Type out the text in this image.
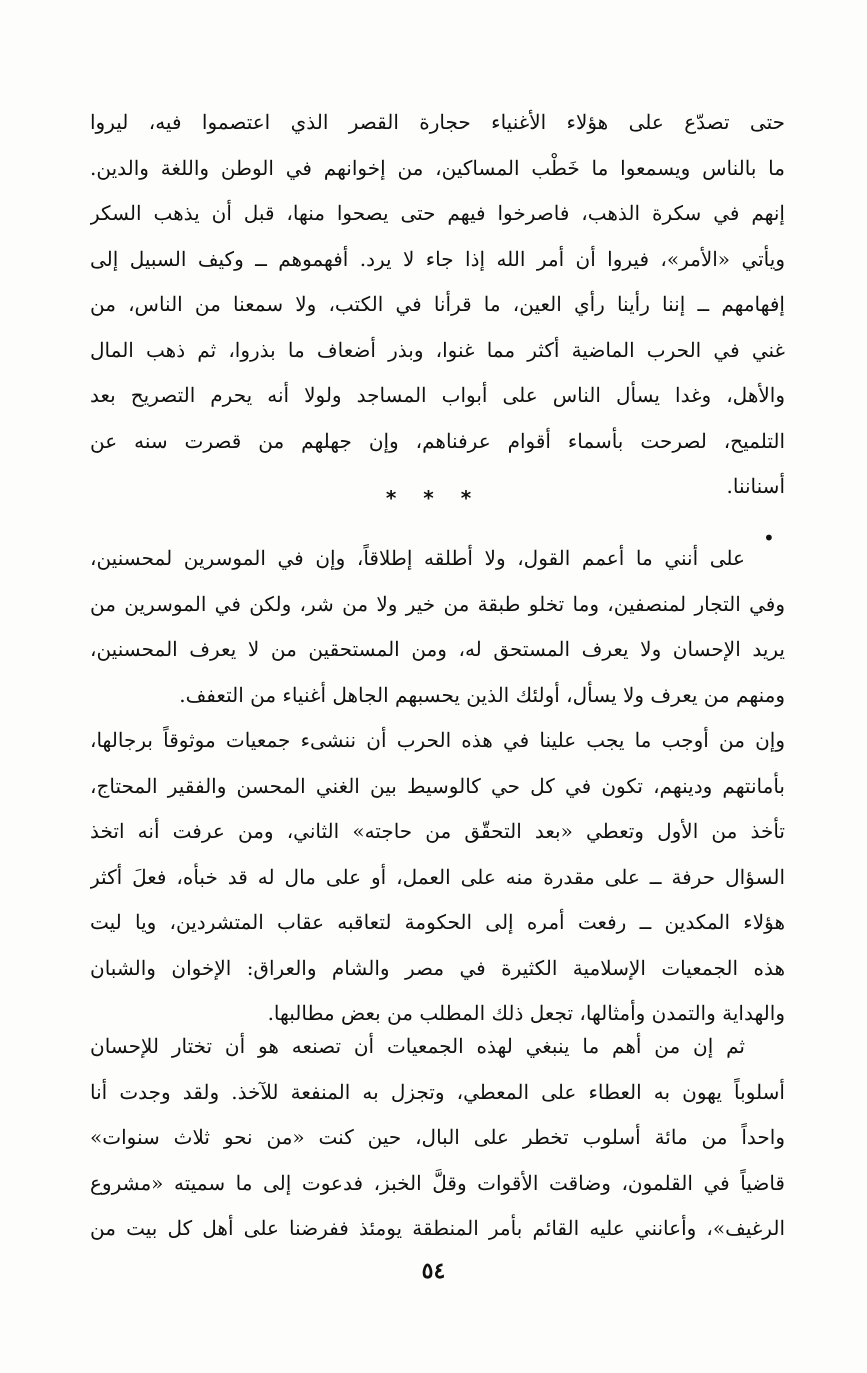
حتى تصدّع على هؤلاء الأغنياء حجارة القصر الذي اعتصموا فيه، ليروا
ما بالناس ويسمعوا ما خَطْب المساكين، من إخوانهم في الوطن واللغة والدين.
إنهم في سكرة الذهب، فاصرخوا فيهم حتى يصحوا منها، قبل أن يذهب السكر
ويأتي «الأمر»، فيروا أن أمر الله إذا جاء لا يرد. أفهموهم ــ وكيف السبيل إلى
إفهامهم ــ إننا رأينا رأي العين، ما قرأنا في الكتب، ولا سمعنا من الناس، من
غني في الحرب الماضية أكثر مما غنوا، وبذر أضعاف ما بذروا، ثم ذهب المال
والأهل، وغدا يسأل الناس على أبواب المساجد ولولا أنه يحرم التصريح بعد
التلميح، لصرحت بأسماء أقوام عرفناهم، وإن جهلهم من قصرت سنه عن
أسناننا.
* * *
•
على أنني ما أعمم القول، ولا أطلقه إطلاقاً، وإن في الموسرين لمحسنين،
وفي التجار لمنصفين، وما تخلو طبقة من خير ولا من شر، ولكن في الموسرين من
يريد الإحسان ولا يعرف المستحق له، ومن المستحقين من لا يعرف المحسنين،
ومنهم من يعرف ولا يسأل، أولئك الذين يحسبهم الجاهل أغنياء من التعفف.
وإن من أوجب ما يجب علينا في هذه الحرب أن ننشىء جمعيات موثوقاً برجالها،
بأمانتهم ودينهم، تكون في كل حي كالوسيط بين الغني المحسن والفقير المحتاج،
تأخذ من الأول وتعطي «بعد التحقّق من حاجته» الثاني، ومن عرفت أنه اتخذ
السؤال حرفة ــ على مقدرة منه على العمل، أو على مال له قد خبأه، فعلَ أكثر
هؤلاء المكدين ــ رفعت أمره إلى الحكومة لتعاقبه عقاب المتشردين، ويا ليت
هذه الجمعيات الإسلامية الكثيرة في مصر والشام والعراق: الإخوان والشبان
والهداية والتمدن وأمثالها، تجعل ذلك المطلب من بعض مطالبها.
ثم إن من أهم ما ينبغي لهذه الجمعيات أن تصنعه هو أن تختار للإحسان
أسلوباً يهون به العطاء على المعطي، وتجزل به المنفعة للآخذ. ولقد وجدت أنا
واحداً من مائة أسلوب تخطر على البال، حين كنت «من نحو ثلاث سنوات»
قاضياً في القلمون، وضاقت الأقوات وقلَّ الخبز، فدعوت إلى ما سميته «مشروع
الرغيف»، وأعانني عليه القائم بأمر المنطقة يومئذ ففرضنا على أهل كل بيت من
٥٤
